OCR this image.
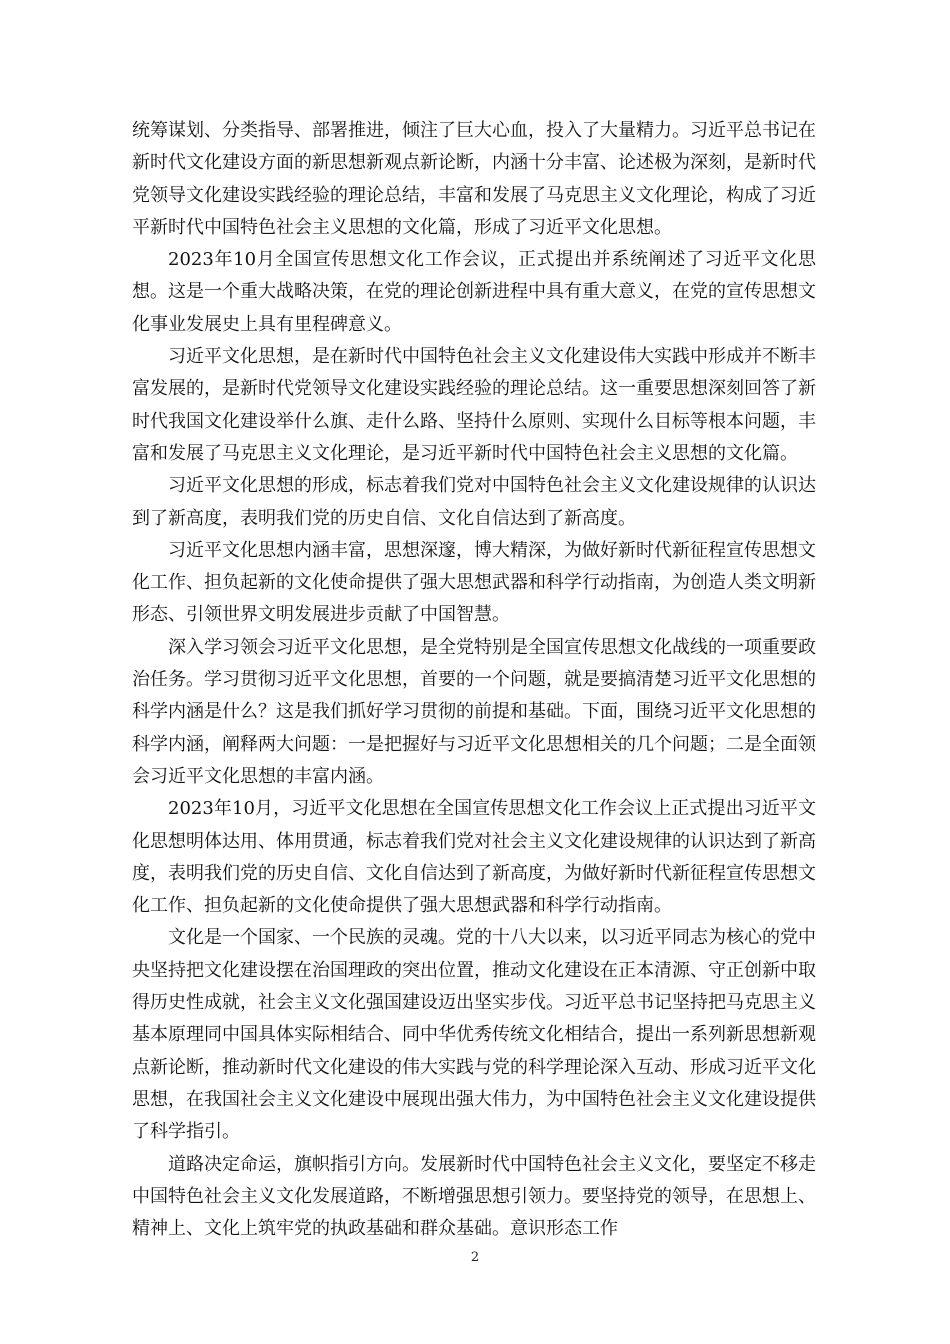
统筹谋划、分类指导、部署推进，倾注了巨大心血，投入了大量精力。习近平总书记在新时代文化建设方面的新思想新观点新论断，内涵十分丰富、论述极为深刻，是新时代党领导文化建设实践经验的理论总结，丰富和发展了马克思主义文化理论，构成了习近平新时代中国特色社会主义思想的文化篇，形成了习近平文化思想。

2023年10月全国宣传思想文化工作会议，正式提出并系统阐述了习近平文化思想。这是一个重大战略决策，在党的理论创新进程中具有重大意义，在党的宣传思想文化事业发展史上具有里程碑意义。

习近平文化思想，是在新时代中国特色社会主义文化建设伟大实践中形成并不断丰富发展的，是新时代党领导文化建设实践经验的理论总结。这一重要思想深刻回答了新时代我国文化建设举什么旗、走什么路、坚持什么原则、实现什么目标等根本问题，丰富和发展了马克思主义文化理论，是习近平新时代中国特色社会主义思想的文化篇。

习近平文化思想的形成，标志着我们党对中国特色社会主义文化建设规律的认识达到了新高度，表明我们党的历史自信、文化自信达到了新高度。

习近平文化思想内涵丰富，思想深邃，博大精深，为做好新时代新征程宣传思想文化工作、担负起新的文化使命提供了强大思想武器和科学行动指南，为创造人类文明新形态、引领世界文明发展进步贡献了中国智慧。

深入学习领会习近平文化思想，是全党特别是全国宣传思想文化战线的一项重要政治任务。学习贯彻习近平文化思想，首要的一个问题，就是要搞清楚习近平文化思想的科学内涵是什么？这是我们抓好学习贯彻的前提和基础。下面，围绕习近平文化思想的科学内涵，阐释两大问题：一是把握好与习近平文化思想相关的几个问题；二是全面领会习近平文化思想的丰富内涵。

2023年10月，习近平文化思想在全国宣传思想文化工作会议上正式提出习近平文化思想明体达用、体用贯通，标志着我们党对社会主义文化建设规律的认识达到了新高度，表明我们党的历史自信、文化自信达到了新高度，为做好新时代新征程宣传思想文化工作、担负起新的文化使命提供了强大思想武器和科学行动指南。

文化是一个国家、一个民族的灵魂。党的十八大以来，以习近平同志为核心的党中央坚持把文化建设摆在治国理政的突出位置，推动文化建设在正本清源、守正创新中取得历史性成就，社会主义文化强国建设迈出坚实步伐。习近平总书记坚持把马克思主义基本原理同中国具体实际相结合、同中华优秀传统文化相结合，提出一系列新思想新观点新论断，推动新时代文化建设的伟大实践与党的科学理论深入互动、形成习近平文化思想，在我国社会主义文化建设中展现出强大伟力，为中国特色社会主义文化建设提供了科学指引。

道路决定命运，旗帜指引方向。发展新时代中国特色社会主义文化，要坚定不移走中国特色社会主义文化发展道路，不断增强思想引领力。要坚持党的领导，在思想上、精神上、文化上筑牢党的执政基础和群众基础。意识形态工作

2
